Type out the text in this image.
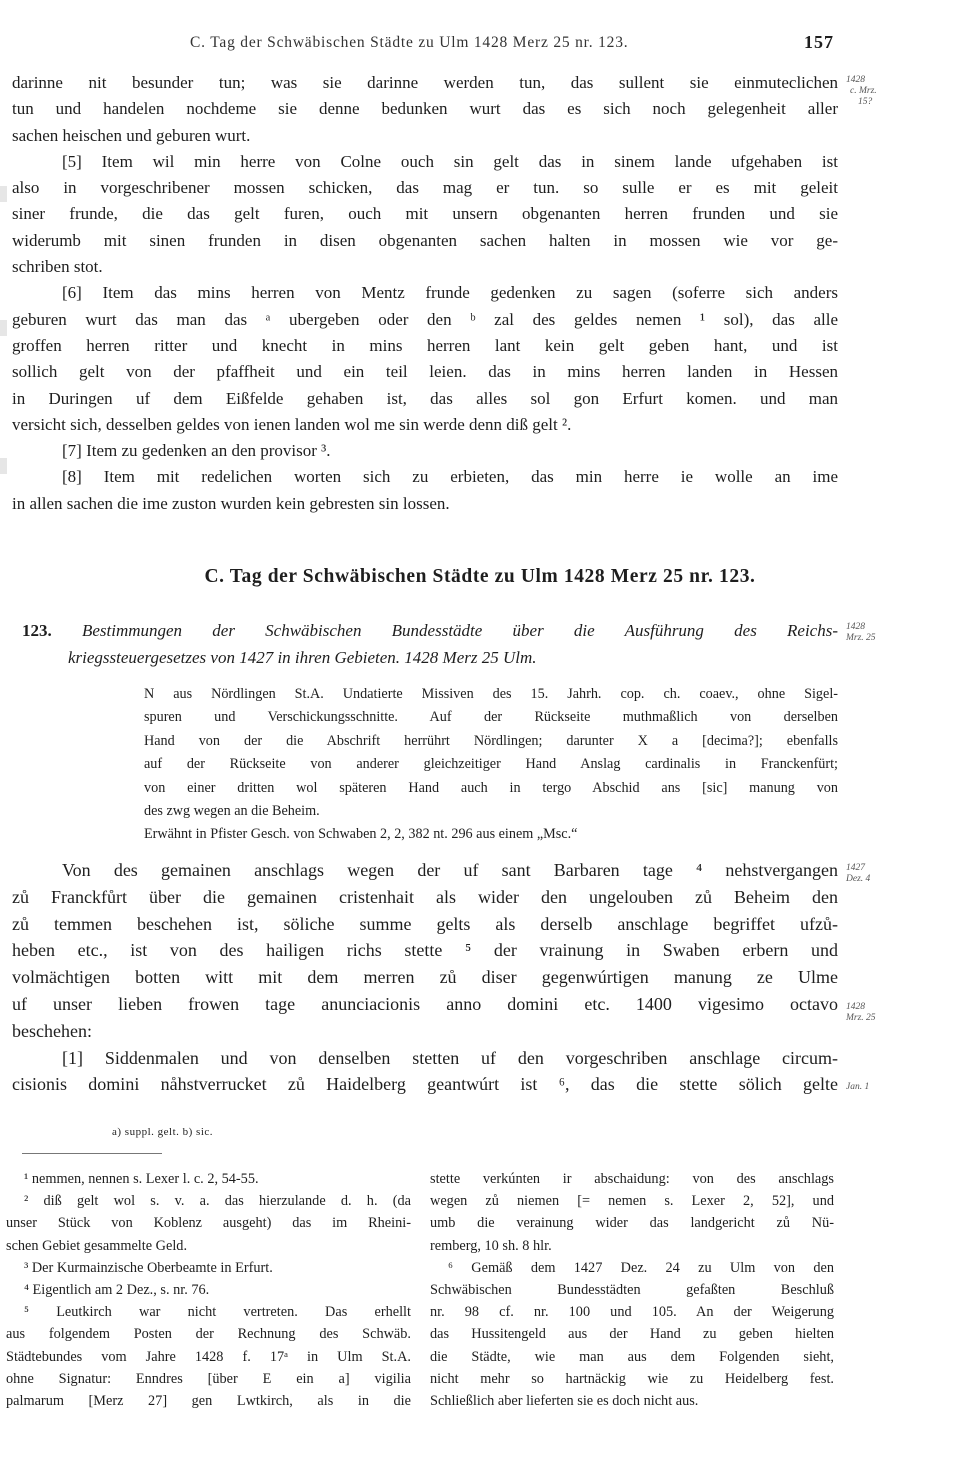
C. Tag der Schwäbischen Städte zu Ulm 1428 Merz 25 nr. 123.	157
1428
c. Mrz.
15?
darinne nit besunder tun; was sie darinne werden tun, das sullent sie einmuteclichen
tun und handelen nochdeme sie denne bedunken wurt das es sich noch gelegenheit aller
sachen heischen und geburen wurt.
[5] Item wil min herre von Colne ouch sin gelt das in sinem lande ufgehaben ist
also in vorgeschribener mossen schicken, das mag er tun. so sulle er es mit geleit
siner frunde, die das gelt furen, ouch mit unsern obgenanten herren frunden und sie
widerumb mit sinen frunden in disen obgenanten sachen halten in mossen wie vor ge-
schriben stot.
[6] Item das mins herren von Mentz frunde gedenken zu sagen (soferre sich anders
geburen wurt das man das ᵃ ubergeben oder den ᵇ zal des geldes nemen ¹ sol), das alle
groffen herren ritter und knecht in mins herren lant kein gelt geben hant, und ist
sollich gelt von der pfaffheit und ein teil leien. das in mins herren landen in Hessen
in Duringen uf dem Eißfelde gehaben ist, das alles sol gon Erfurt komen. und man
versicht sich, desselben geldes von ienen landen wol me sin werde denn diß gelt ².
[7] Item zu gedenken an den provisor ³.
[8] Item mit redelichen worten sich zu erbieten, das min herre ie wolle an ime
in allen sachen die ime zuston wurden kein gebresten sin lossen.
C. Tag der Schwäbischen Städte zu Ulm 1428 Merz 25 nr. 123.
123. Bestimmungen der Schwäbischen Bundesstädte über die Ausführung des Reichs-
kriegssteuergesetzes von 1427 in ihren Gebieten. 1428 Merz 25 Ulm.
1428
Mrz. 25
N aus Nördlingen St.A. Undatierte Missiven des 15. Jahrh. cop. ch. coaev., ohne Sigel-
spuren und Verschickungsschnitte. Auf der Rückseite muthmaßlich von derselben
Hand von der die Abschrift herrührt Nördlingen; darunter X a [decima?]; ebenfalls
auf der Rückseite von anderer gleichzeitiger Hand Anslag cardinalis in Franckenfürt;
von einer dritten wol späteren Hand auch in tergo Abschid ans [sic] manung von
des zwg wegen an die Beheim.
Erwähnt in Pfister Gesch. von Schwaben 2, 2, 382 nt. 296 aus einem „Msc.“
Von des gemainen anschlags wegen der uf sant Barbaren tage ⁴ nehstvergangen
zů Franckfůrt über die gemainen cristenhait als wider den ungelouben zů Beheim den
zů temmen beschehen ist, söliche summe gelts als derselb anschlage begriffet ufzů-
heben etc., ist von des hailigen richs stette ⁵ der vrainung in Swaben erbern und
volmächtigen botten witt mit dem merren zů diser gegenwúrtigen manung ze Ulme
uf unser lieben frowen tage anunciacionis anno domini etc. 1400 vigesimo octavo
beschehen:
[1] Siddenmalen und von denselben stetten uf den vorgeschriben anschlage circum-
cisionis domini nåhstverrucket zů Haidelberg geantwúrt ist ⁶, das die stette sölich gelte
1427
Dez. 4
1428
Mrz. 25
Jan. 1
a) suppl. gelt. b) sic.
¹ nemmen, nennen s. Lexer l. c. 2, 54-55.
² diß gelt wol s. v. a. das hierzulande d. h. (da
unser Stück von Koblenz ausgeht) das im Rheini-
schen Gebiet gesammelte Geld.
³ Der Kurmainzische Oberbeamte in Erfurt.
⁴ Eigentlich am 2 Dez., s. nr. 76.
⁵ Leutkirch war nicht vertreten. Das erhellt
aus folgendem Posten der Rechnung des Schwäb.
Städtebundes vom Jahre 1428 f. 17ᵃ in Ulm St.A.
ohne Signatur: Enndres [über E ein a] vigilia
palmarum [Merz 27] gen Lwtkirch, als in die
stette verkúnten ir abschaidung: von des anschlags
wegen zů niemen [= nemen s. Lexer 2, 52], und
umb die verainung wider das landgericht zů Nü-
remberg, 10 sh. 8 hlr.
⁶ Gemäß dem 1427 Dez. 24 zu Ulm von den
Schwäbischen Bundesstädten gefaßten Beschluß
nr. 98 cf. nr. 100 und 105. An der Weigerung
das Hussitengeld aus der Hand zu geben hielten
die Städte, wie man aus dem Folgenden sieht,
nicht mehr so hartnäckig wie zu Heidelberg fest.
Schließlich aber lieferten sie es doch nicht aus.
